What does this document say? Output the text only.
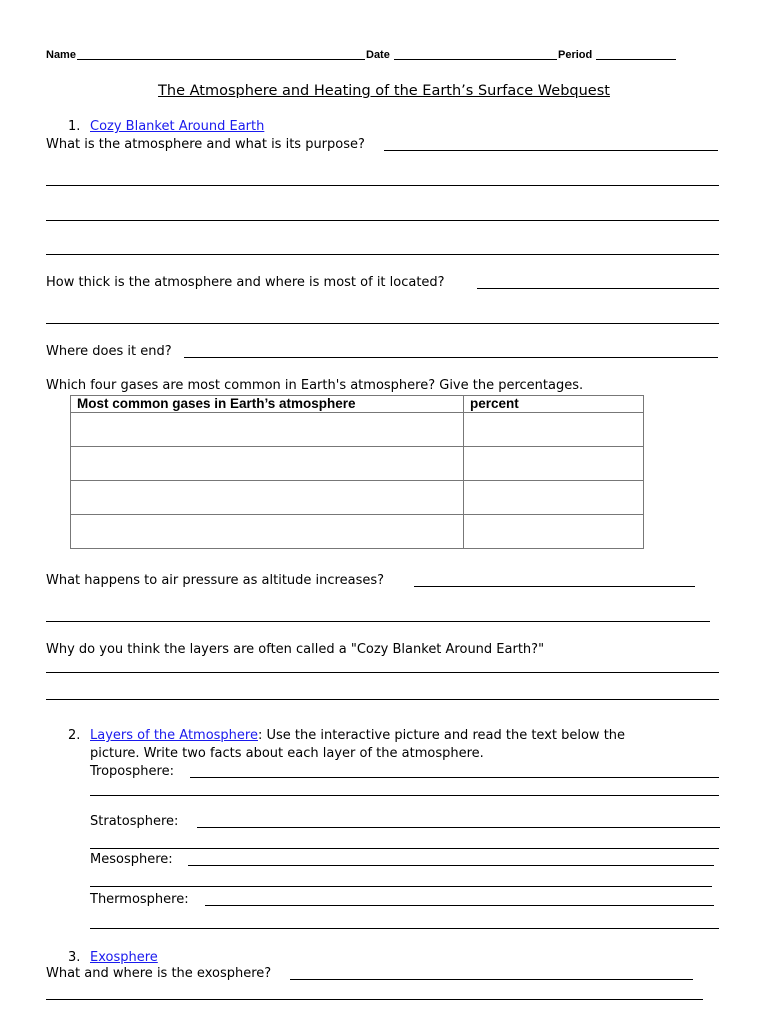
Name	Date	Period
The Atmosphere and Heating of the Earth’s Surface Webquest
1. Cozy Blanket Around Earth
What is the atmosphere and what is its purpose?
How thick is the atmosphere and where is most of it located?
Where does it end?
Which four gases are most common in Earth's atmosphere? Give the percentages.
Most common gases in Earth’s atmosphere	percent

What happens to air pressure as altitude increases?
Why do you think the layers are often called a "Cozy Blanket Around Earth?"
2. Layers of the Atmosphere: Use the interactive picture and read the text below the
picture. Write two facts about each layer of the atmosphere.
Troposphere:
Stratosphere:
Mesosphere:
Thermosphere:
3. Exosphere
What and where is the exosphere?
